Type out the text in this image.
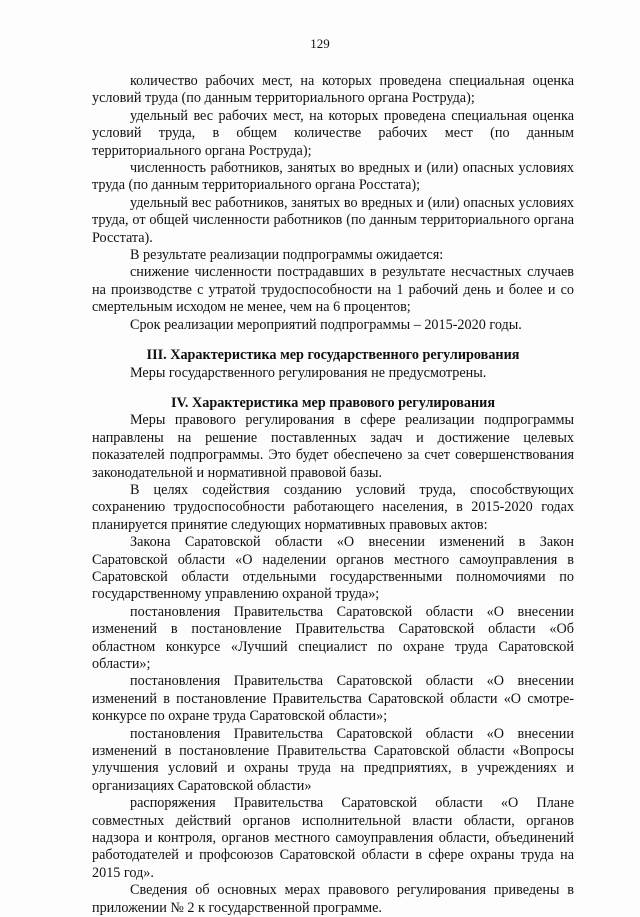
129

количество рабочих мест, на которых проведена специальная оценка условий труда (по данным территориального органа Роструда);

удельный вес рабочих мест, на которых проведена специальная оценка условий труда, в общем количестве рабочих мест (по данным территориального органа Роструда);

численность работников, занятых во вредных и (или) опасных условиях труда (по данным территориального органа Росстата);

удельный вес работников, занятых во вредных и (или) опасных условиях труда, от общей численности работников (по данным территориального органа Росстата).

В результате реализации подпрограммы ожидается:

снижение численности пострадавших в результате несчастных случаев на производстве с утратой трудоспособности на 1 рабочий день и более и со смертельным исходом не менее, чем на 6 процентов;

Срок реализации мероприятий подпрограммы – 2015-2020 годы.

III. Характеристика мер государственного регулирования

Меры государственного регулирования не предусмотрены.

IV. Характеристика мер правового регулирования

Меры правового регулирования в сфере реализации подпрограммы направлены на решение поставленных задач и достижение целевых показателей подпрограммы. Это будет обеспечено за счет совершенствования законодательной и нормативной правовой базы.

В целях содействия созданию условий труда, способствующих сохранению трудоспособности работающего населения, в 2015-2020 годах планируется принятие следующих нормативных правовых актов:

Закона Саратовской области «О внесении изменений в Закон Саратовской области «О наделении органов местного самоуправления в Саратовской области отдельными государственными полномочиями по государственному управлению охраной труда»;

постановления Правительства Саратовской области «О внесении изменений в постановление Правительства Саратовской области «Об областном конкурсе «Лучший специалист по охране труда Саратовской области»;

постановления Правительства Саратовской области «О внесении изменений в постановление Правительства Саратовской области «О смотре-конкурсе по охране труда Саратовской области»;

постановления Правительства Саратовской области «О внесении изменений в постановление Правительства Саратовской области «Вопросы улучшения условий и охраны труда на предприятиях, в учреждениях и организациях Саратовской области»

распоряжения Правительства Саратовской области «О Плане совместных действий органов исполнительной власти области, органов надзора и контроля, органов местного самоуправления области, объединений работодателей и профсоюзов Саратовской области в сфере охраны труда на 2015 год».

Сведения об основных мерах правового регулирования приведены в приложении № 2 к государственной программе.
